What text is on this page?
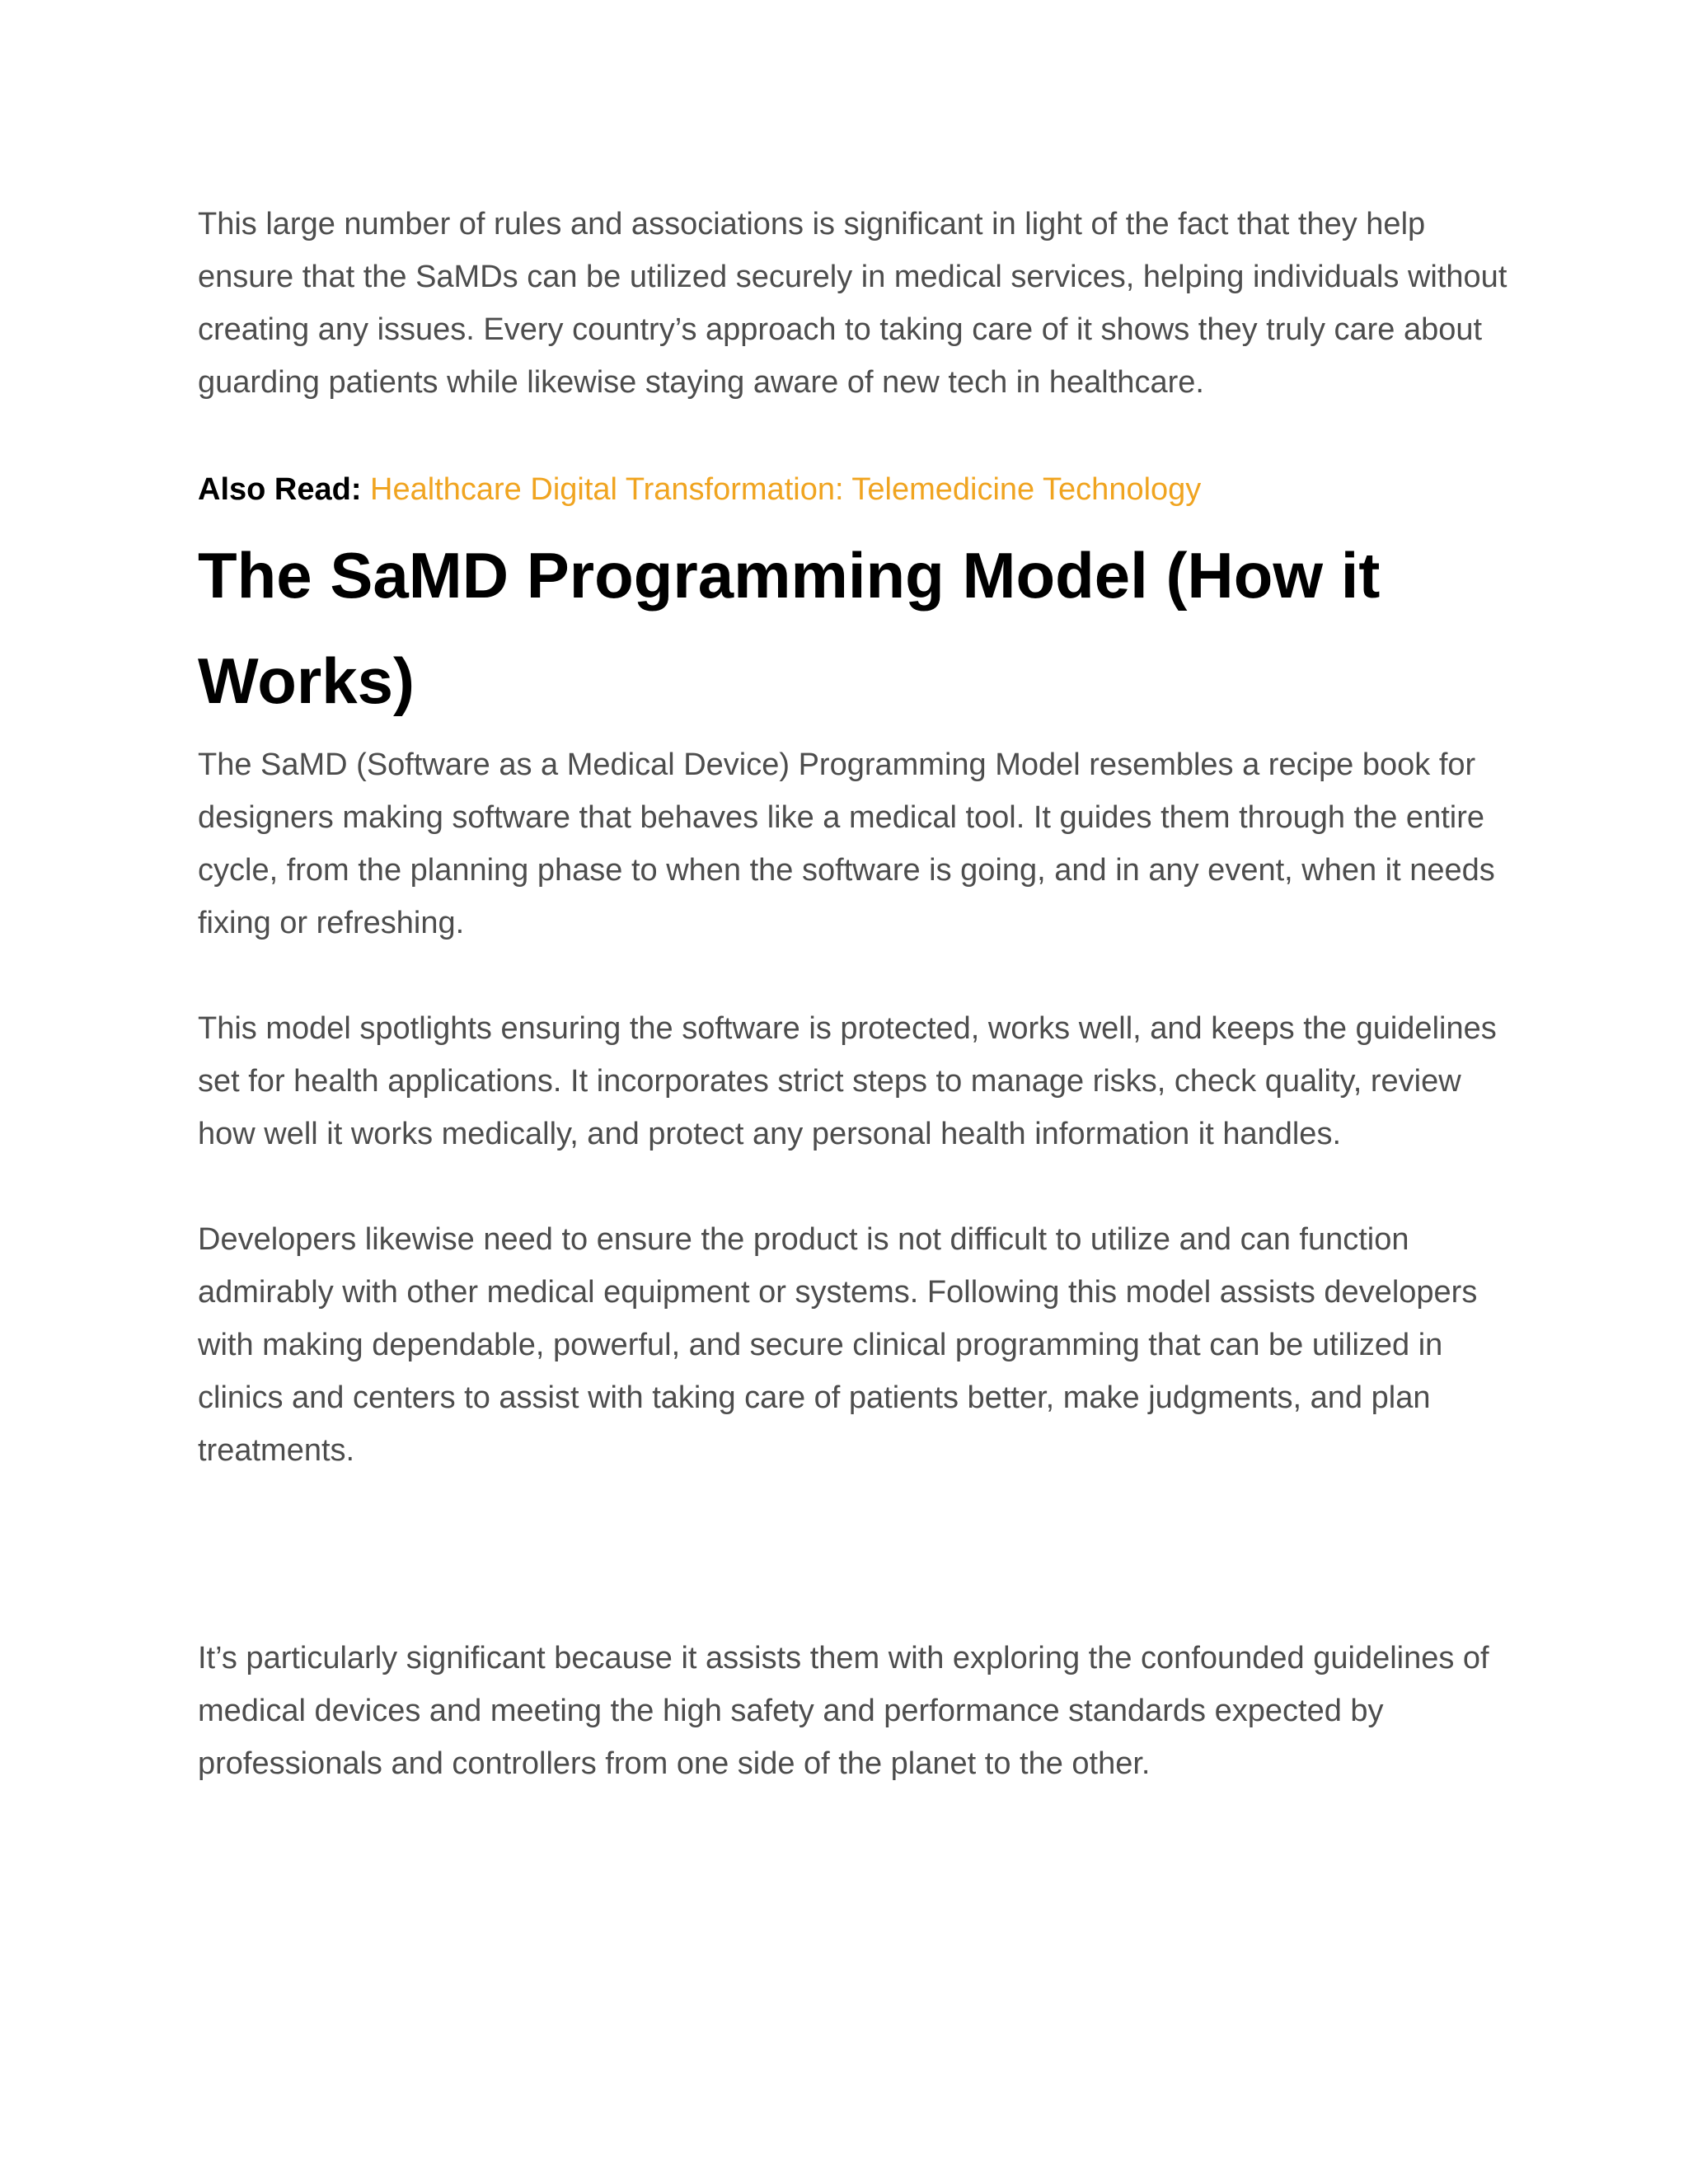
This large number of rules and associations is significant in light of the fact that they help ensure that the SaMDs can be utilized securely in medical services, helping individuals without creating any issues. Every country’s approach to taking care of it shows they truly care about guarding patients while likewise staying aware of new tech in healthcare.

Also Read: Healthcare Digital Transformation: Telemedicine Technology

The SaMD Programming Model (How it Works)

The SaMD (Software as a Medical Device) Programming Model resembles a recipe book for designers making software that behaves like a medical tool. It guides them through the entire cycle, from the planning phase to when the software is going, and in any event, when it needs fixing or refreshing.

This model spotlights ensuring the software is protected, works well, and keeps the guidelines set for health applications. It incorporates strict steps to manage risks, check quality, review how well it works medically, and protect any personal health information it handles.

Developers likewise need to ensure the product is not difficult to utilize and can function admirably with other medical equipment or systems. Following this model assists developers with making dependable, powerful, and secure clinical programming that can be utilized in clinics and centers to assist with taking care of patients better, make judgments, and plan treatments.

It’s particularly significant because it assists them with exploring the confounded guidelines of medical devices and meeting the high safety and performance standards expected by professionals and controllers from one side of the planet to the other.
